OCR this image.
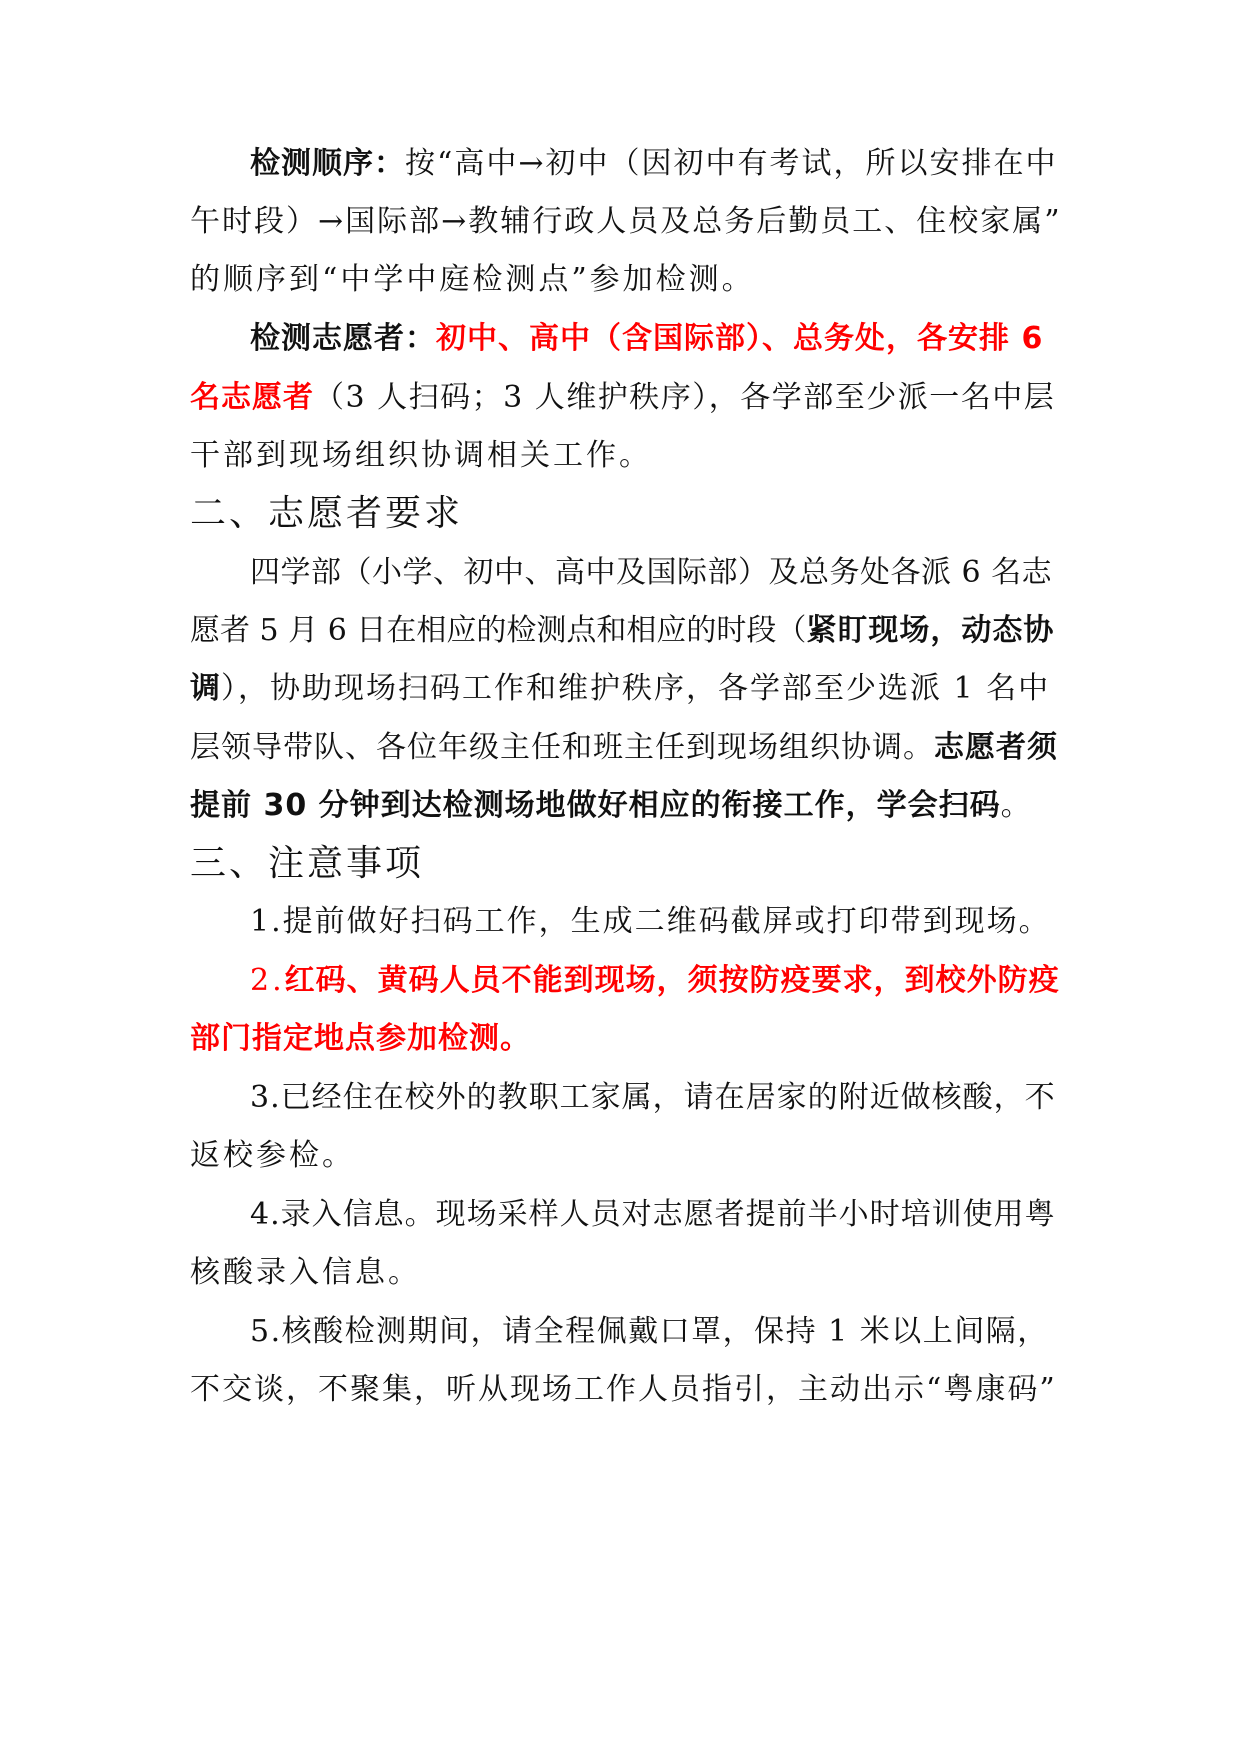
检测顺序：按“高中→初中（因初中有考试，所以安排在中
午时段）→国际部→教辅行政人员及总务后勤员工、住校家属”
的顺序到“中学中庭检测点”参加检测。
检测志愿者：初中、高中（含国际部）、总务处，各安排 6
名志愿者（3 人扫码；3 人维护秩序），各学部至少派一名中层
干部到现场组织协调相关工作。
二、志愿者要求
四学部（小学、初中、高中及国际部）及总务处各派 6 名志
愿者 5 月 6 日在相应的检测点和相应的时段（紧盯现场，动态协
调），协助现场扫码工作和维护秩序，各学部至少选派 1 名中
层领导带队、各位年级主任和班主任到现场组织协调。志愿者须
提前 30 分钟到达检测场地做好相应的衔接工作，学会扫码。
三、注意事项
1.提前做好扫码工作，生成二维码截屏或打印带到现场。
2.红码、黄码人员不能到现场，须按防疫要求，到校外防疫
部门指定地点参加检测。
3.已经住在校外的教职工家属，请在居家的附近做核酸，不
返校参检。
4.录入信息。现场采样人员对志愿者提前半小时培训使用粤
核酸录入信息。
5.核酸检测期间，请全程佩戴口罩，保持 1 米以上间隔，
不交谈，不聚集，听从现场工作人员指引，主动出示“粤康码”
